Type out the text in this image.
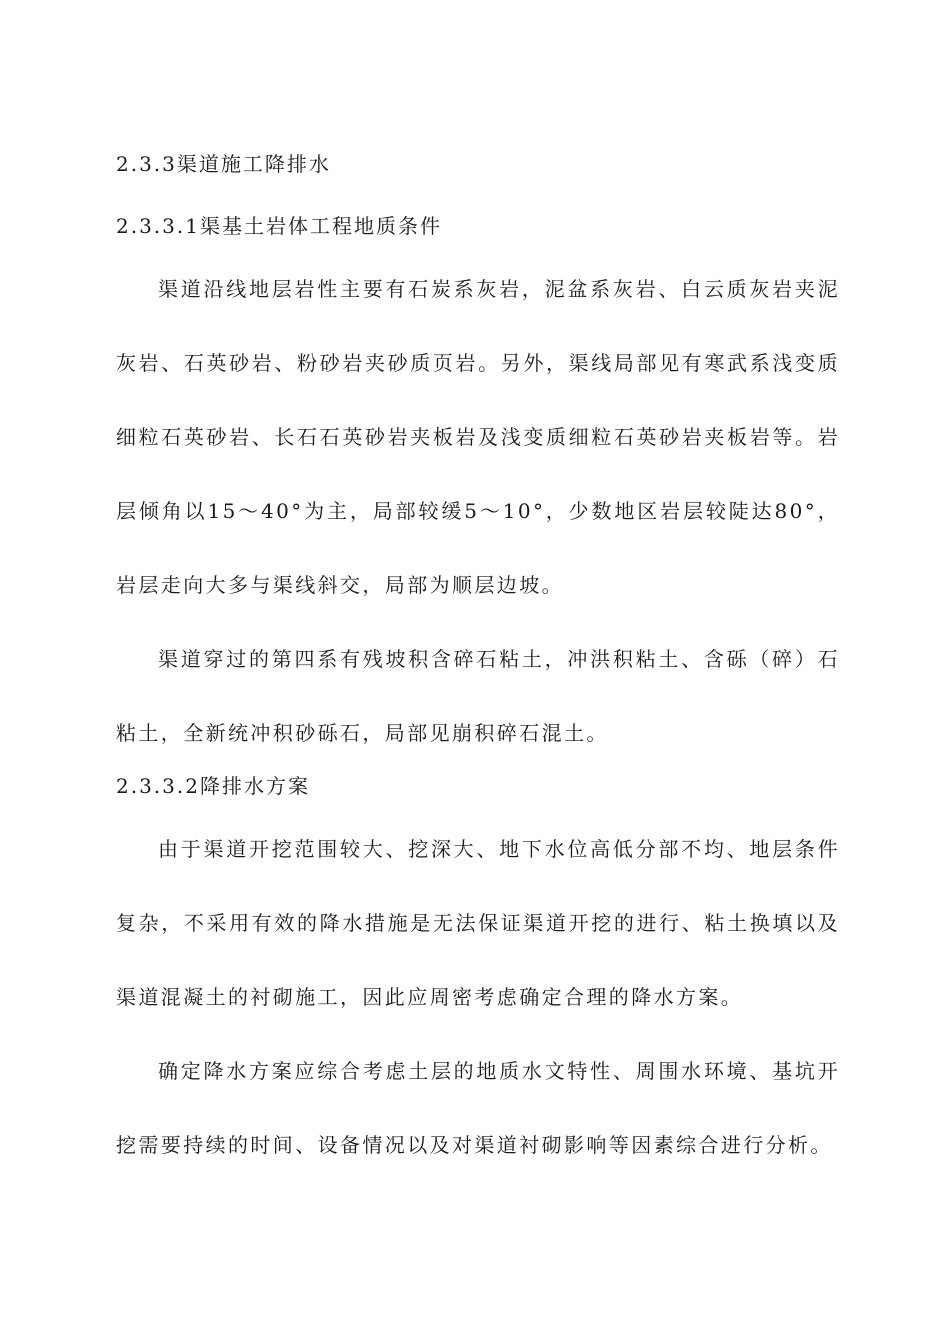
2.3.3渠道施工降排水
2.3.3.1渠基土岩体工程地质条件

渠道沿线地层岩性主要有石炭系灰岩，泥盆系灰岩、白云质灰岩夹泥灰岩、石英砂岩、粉砂岩夹砂质页岩。另外，渠线局部见有寒武系浅变质细粒石英砂岩、长石石英砂岩夹板岩及浅变质细粒石英砂岩夹板岩等。岩层倾角以15～40°为主，局部较缓5～10°，少数地区岩层较陡达80°，岩层走向大多与渠线斜交，局部为顺层边坡。

渠道穿过的第四系有残坡积含碎石粘土，冲洪积粘土、含砾（碎）石粘土，全新统冲积砂砾石，局部见崩积碎石混土。

2.3.3.2降排水方案

由于渠道开挖范围较大、挖深大、地下水位高低分部不均、地层条件复杂，不采用有效的降水措施是无法保证渠道开挖的进行、粘土换填以及渠道混凝土的衬砌施工，因此应周密考虑确定合理的降水方案。

确定降水方案应综合考虑土层的地质水文特性、周围水环境、基坑开挖需要持续的时间、设备情况以及对渠道衬砌影响等因素综合进行分析。
